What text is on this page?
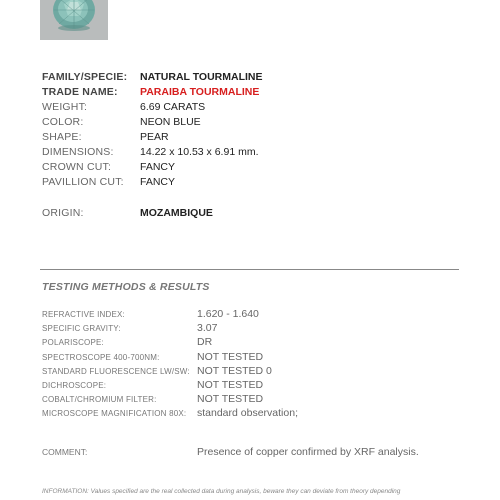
FAMILY/SPECIE: NATURAL TOURMALINE
TRADE NAME: PARAIBA TOURMALINE
WEIGHT:	6.69 CARATS
COLOR:	NEON BLUE
SHAPE:	PEAR
DIMENSIONS:	14.22 x 10.53 x 6.91 mm.
CROWN CUT:	FANCY
PAVILLION CUT: FANCY
ORIGIN:	MOZAMBIQUE
TESTING METHODS & RESULTS
REFRACTIVE INDEX:	1.620 - 1.640
SPECIFIC GRAVITY:	3.07
POLARISCOPE:	DR
SPECTROSCOPE 400-700NM:	NOT TESTED
STANDARD FLUORESCENCE LW/SW: NOT TESTED 0
DICHROSCOPE:	NOT TESTED
COBALT/CHROMIUM FILTER:	NOT TESTED
MICROSCOPE MAGNIFICATION 80X: standard observation;
COMMENT:	Presence of copper confirmed by XRF analysis.
INFORMATION: Values specified are the real collected data during analysis, beware they can deviate from theory depending
